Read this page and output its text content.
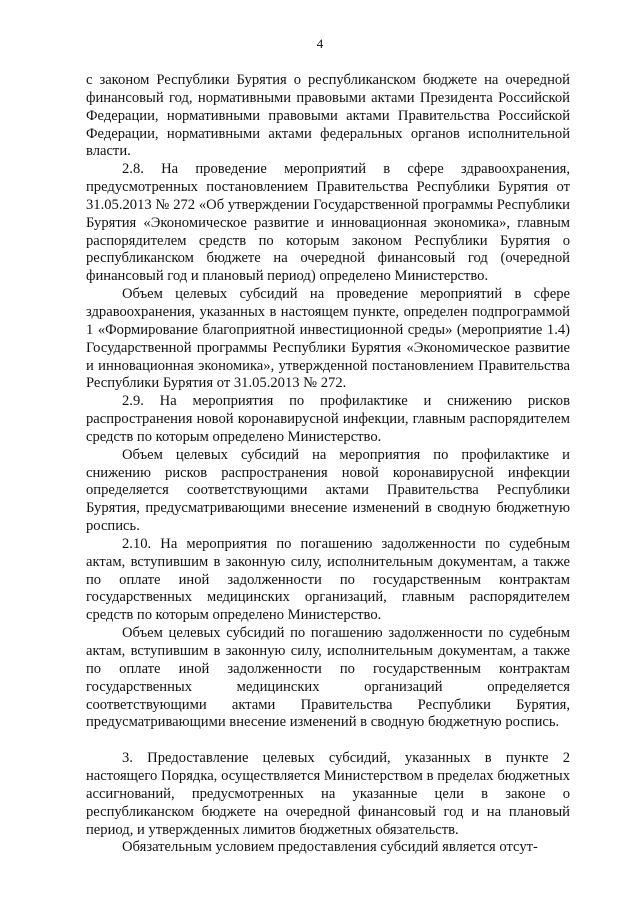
4

с законом Республики Бурятия о республиканском бюджете на очередной финансовый год, нормативными правовыми актами Президента Российской Федерации, нормативными правовыми актами Правительства Российской Федерации, нормативными актами федеральных органов исполнительной власти.

2.8. На проведение мероприятий в сфере здравоохранения, предусмотренных постановлением Правительства Республики Бурятия от 31.05.2013 № 272 «Об утверждении Государственной программы Республики Бурятия «Экономическое развитие и инновационная экономика», главным распорядителем средств по которым законом Республики Бурятия о республиканском бюджете на очередной финансовый год (очередной финансовый год и плановый период) определено Министерство.

Объем целевых субсидий на проведение мероприятий в сфере здравоохранения, указанных в настоящем пункте, определен подпрограммой 1 «Формирование благоприятной инвестиционной среды» (мероприятие 1.4) Государственной программы Республики Бурятия «Экономическое развитие и инновационная экономика», утвержденной постановлением Правительства Республики Бурятия от 31.05.2013 № 272.

2.9. На мероприятия по профилактике и снижению рисков распространения новой коронавирусной инфекции, главным распорядителем средств по которым определено Министерство.

Объем целевых субсидий на мероприятия по профилактике и снижению рисков распространения новой коронавирусной инфекции определяется соответствующими актами Правительства Республики Бурятия, предусматривающими внесение изменений в сводную бюджетную роспись.

2.10. На мероприятия по погашению задолженности по судебным актам, вступившим в законную силу, исполнительным документам, а также по оплате иной задолженности по государственным контрактам государственных медицинских организаций, главным распорядителем средств по которым определено Министерство.

Объем целевых субсидий по погашению задолженности по судебным актам, вступившим в законную силу, исполнительным документам, а также по оплате иной задолженности по государственным контрактам государственных медицинских организаций определяется соответствующими актами Правительства Республики Бурятия, предусматривающими внесение изменений в сводную бюджетную роспись.

3. Предоставление целевых субсидий, указанных в пункте 2 настоящего Порядка, осуществляется Министерством в пределах бюджетных ассигнований, предусмотренных на указанные цели в законе о республиканском бюджете на очередной финансовый год и на плановый период, и утвержденных лимитов бюджетных обязательств.

Обязательным условием предоставления субсидий является отсут-
